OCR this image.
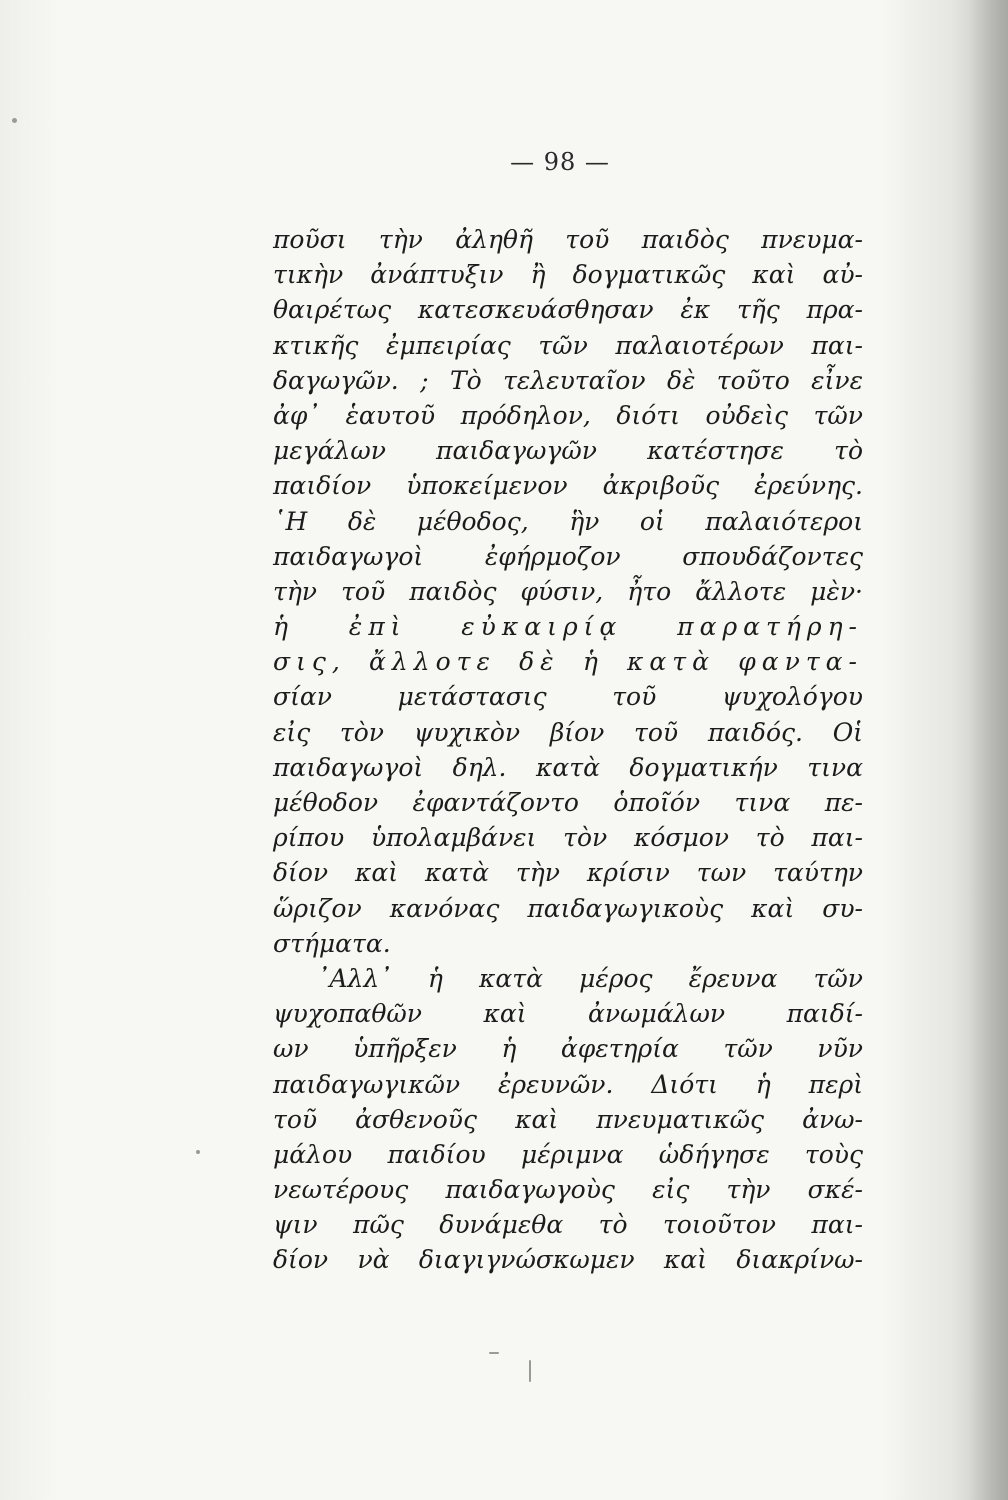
— 98 —
ποῦσι τὴν ἀληθῆ τοῦ παιδὸς πνευμα-
τικὴν ἀνάπτυξιν ἢ δογματικῶς καὶ αὐ-
θαιρέτως κατεσκευάσθησαν ἐκ τῆς πρα-
κτικῆς ἐμπειρίας τῶν παλαιοτέρων παι-
δαγωγῶν. ; Τὸ τελευταῖον δὲ τοῦτο εἶνε
ἀφ᾽ ἑαυτοῦ πρόδηλον, διότι οὐδεὶς τῶν
μεγάλων παιδαγωγῶν κατέστησε τὸ
παιδίον ὑποκείμενον ἀκριβοῦς ἐρεύνης.
῾Η δὲ μέθοδος, ἣν οἱ παλαιότεροι
παιδαγωγοὶ ἐφήρμοζον σπουδάζοντες
τὴν τοῦ παιδὸς φύσιν, ἦτο ἄλλοτε μὲν·
ἡ ἐπὶ εὐκαιρίᾳ παρατήρη-
σις, ἄλλοτε δὲ ἡ κατὰ φαντα-
σίαν μετάστασις τοῦ ψυχολόγου
εἰς τὸν ψυχικὸν βίον τοῦ παιδός. Οἱ
παιδαγωγοὶ δηλ. κατὰ δογματικήν τινα
μέθοδον ἐφαντάζοντο ὁποῖόν τινα πε-
ρίπου ὑπολαμβάνει τὸν κόσμον τὸ παι-
δίον καὶ κατὰ τὴν κρίσιν των ταύτην
ὥριζον κανόνας παιδαγωγικοὺς καὶ συ-
στήματα.
᾽Αλλ᾽ ἡ κατὰ μέρος ἔρευνα τῶν
ψυχοπαθῶν καὶ ἀνωμάλων παιδί-
ων ὑπῆρξεν ἡ ἀφετηρία τῶν νῦν
παιδαγωγικῶν ἐρευνῶν. Διότι ἡ περὶ
τοῦ ἀσθενοῦς καὶ πνευματικῶς ἀνω-
μάλου παιδίου μέριμνα ὡδήγησε τοὺς
νεωτέρους παιδαγωγοὺς εἰς τὴν σκέ-
ψιν πῶς δυνάμεθα τὸ τοιοῦτον παι-
δίον νὰ διαγιγνώσκωμεν καὶ διακρίνω-
